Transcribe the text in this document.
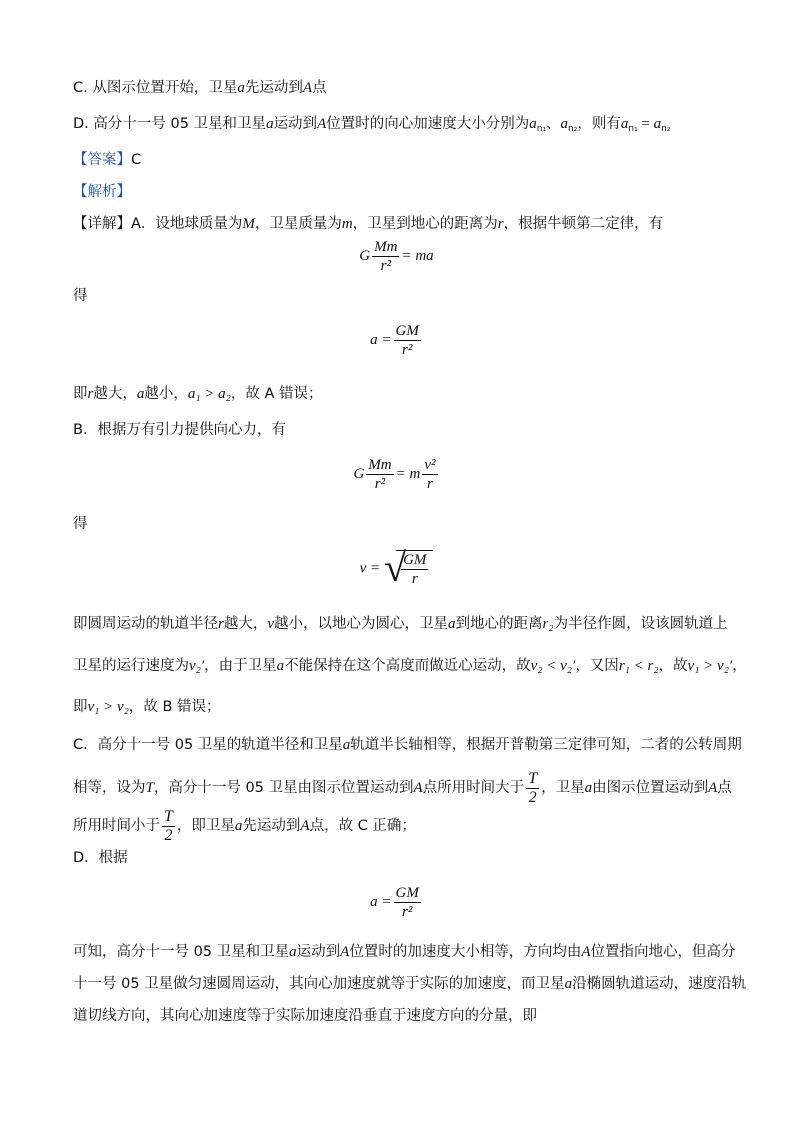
C. 从图示位置开始，卫星a先运动到A点
D. 高分十一号 05 卫星和卫星a运动到A位置时的向心加速度大小分别为$a_{n_1}$、$a_{n_2}$，则有$a_{n_1} = a_{n_2}$
【答案】C
【解析】
【详解】A．设地球质量为M，卫星质量为m，卫星到地心的距离为r，根据牛顿第二定律，有
G $\frac{Mm}{\text{r²}}$ = ma
得
$a = \frac{GM}{\text{r²}}$
即r越大，a越小，a₁ > a₂，故 A 错误；
B．根据万有引力提供向心力，有
G $\frac{Mm}{\text{r²}} = m \frac{\text{v²}}{r}$
得
v = √
$\frac{GM}{r}$
即圆周运动的轨道半径r越大，v越小，以地心为圆心，卫星a到地心的距离r₂为半径作圆，设该圆轨道上
卫星的运行速度为v₂′，由于卫星a不能保持在这个高度而做近心运动，故v₂ < v₂′，又因r₁ < r₂，故v₁ > v₂′，
即v₁ > v₂，故 B 错误；
C．高分十一号 05 卫星的轨道半径和卫星a轨道半长轴相等，根据开普勒第三定律可知，二者的公转周期
相等，设为T，高分十一号 05 卫星由图示位置运动到A点所用时间大于 $\frac{T}{2}$ ，卫星a由图示位置运动到A点
所用时间小于 $\frac{T}{2}$ ，即卫星a先运动到A点，故 C 正确；
D．根据
$a = \frac{GM}{\text{r²}}$
可知，高分十一号 05 卫星和卫星a运动到A位置时的加速度大小相等，方向均由A位置指向地心，但高分
十一号 05 卫星做匀速圆周运动，其向心加速度就等于实际的加速度，而卫星a沿椭圆轨道运动，速度沿轨
道切线方向，其向心加速度等于实际加速度沿垂直于速度方向的分量，即
